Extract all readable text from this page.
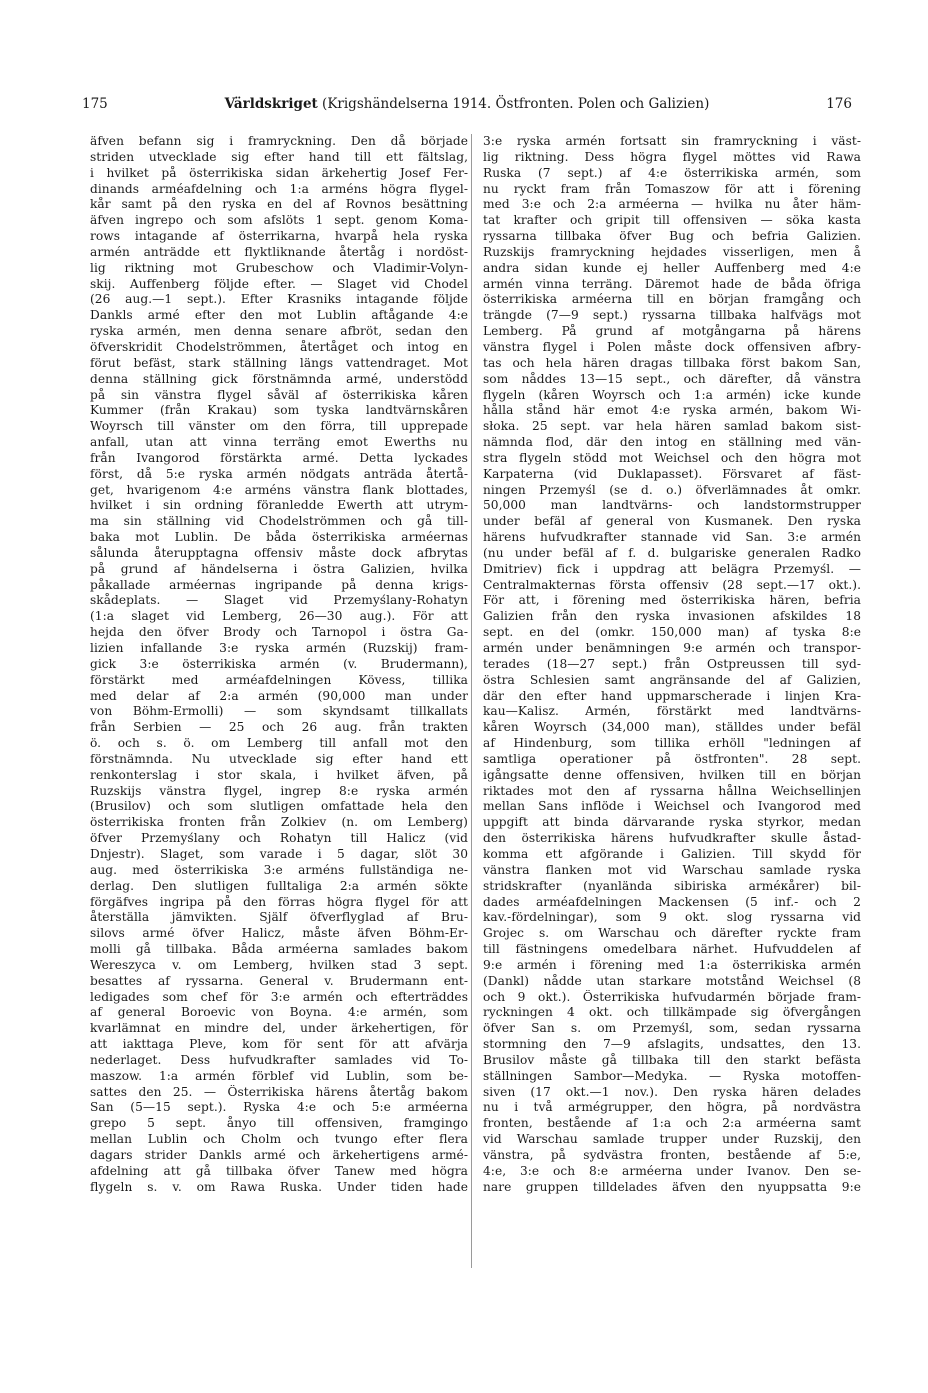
175	Världskriget (Krigshändelserna 1914. Östfronten. Polen och Galizien)	176
äfven befann sig i framryckning. Den då började
striden utvecklade sig efter hand till ett fältslag,
i hvilket på österrikiska sidan ärkehertig Josef Fer-
dinands arméafdelning och 1:a arméns högra flygel-
kår samt på den ryska en del af Rovnos besättning
äfven ingrepo och som afslöts 1 sept. genom Koma-
rows intagande af österrikarna, hvarpå hela ryska
armén anträdde ett flyktliknande återtåg i nordöst-
lig riktning mot Grubeschow och Vladimir-Volyn-
skij. Auffenberg följde efter. — Slaget vid Chodel
(26 aug.—1 sept.). Efter Krasniks intagande följde
Dankls armé efter den mot Lublin aftågande 4:e
ryska armén, men denna senare afbröt, sedan den
öfverskridit Chodelströmmen, återtåget och intog en
förut befäst, stark ställning längs vattendraget. Mot
denna ställning gick förstnämnda armé, understödd
på sin vänstra flygel såväl af österrikiska kåren
Kummer (från Krakau) som tyska landtvärnskåren
Woyrsch till vänster om den förra, till upprepade
anfall, utan att vinna terräng emot Ewerths nu
från Ivangorod förstärkta armé. Detta lyckades
först, då 5:e ryska armén nödgats anträda återtå-
get, hvarigenom 4:e arméns vänstra flank blottades,
hvilket i sin ordning föranledde Ewerth att utrym-
ma sin ställning vid Chodelströmmen och gå till-
baka mot Lublin. De båda österrikiska arméernas
sålunda återupptagna offensiv måste dock afbrytas
på grund af händelserna i östra Galizien, hvilka
påkallade arméernas ingripande på denna krigs-
skådeplats. — Slaget vid Przemyślany-Rohatyn
(1:a slaget vid Lemberg, 26—30 aug.). För att
hejda den öfver Brody och Tarnopol i östra Ga-
lizien infallande 3:e ryska armén (Ruzskij) fram-
gick 3:e österrikiska armén (v. Brudermann),
förstärkt med arméafdelningen Kövess, tillika
med delar af 2:a armén (90,000 man under
von Böhm-Ermolli) — som skyndsamt tillkallats
från Serbien — 25 och 26 aug. från trakten
ö. och s. ö. om Lemberg till anfall mot den
förstnämnda. Nu utvecklade sig efter hand ett
renkonterslag i stor skala, i hvilket äfven, på
Ruzskijs vänstra flygel, ingrep 8:e ryska armén
(Brusilov) och som slutligen omfattade hela den
österrikiska fronten från Zolkiev (n. om Lemberg)
öfver Przemyślany och Rohatyn till Halicz (vid
Dnjestr). Slaget, som varade i 5 dagar, slöt 30
aug. med österrikiska 3:e arméns fullständiga ne-
derlag. Den slutligen fulltaliga 2:a armén sökte
förgäfves ingripa på den förras högra flygel för att
återställa jämvikten. Själf öfverflyglad af Bru-
silovs armé öfver Halicz, måste äfven Böhm-Er-
molli gå tillbaka. Båda arméerna samlades bakom
Wereszyca v. om Lemberg, hvilken stad 3 sept.
besattes af ryssarna. General v. Brudermann ent-
ledigades som chef för 3:e armén och efterträddes
af general Boroevic von Boyna. 4:e armén, som
kvarlämnat en mindre del, under ärkehertigen, för
att iakttaga Pleve, kom för sent för att afvärja
nederlaget. Dess hufvudkrafter samlades vid To-
maszow. 1:a armén förblef vid Lublin, som be-
sattes den 25. — Österrikiska härens återtåg bakom
San (5—15 sept.). Ryska 4:e och 5:e arméerna
grepo 5 sept. ånyo till offensiven, framgingo
mellan Lublin och Cholm och tvungo efter flera
dagars strider Dankls armé och ärkehertigens armé-
afdelning att gå tillbaka öfver Tanew med högra
flygeln s. v. om Rawa Ruska. Under tiden hade
3:e ryska armén fortsatt sin framryckning i väst-
lig riktning. Dess högra flygel möttes vid Rawa
Ruska (7 sept.) af 4:e österrikiska armén, som
nu ryckt fram från Tomaszow för att i förening
med 3:e och 2:a arméerna — hvilka nu åter häm-
tat krafter och gripit till offensiven — söka kasta
ryssarna tillbaka öfver Bug och befria Galizien.
Ruzskijs framryckning hejdades visserligen, men å
andra sidan kunde ej heller Auffenberg med 4:e
armén vinna terräng. Däremot hade de båda öfriga
österrikiska arméerna till en början framgång och
trängde (7—9 sept.) ryssarna tillbaka halfvägs mot
Lemberg. På grund af motgångarna på härens
vänstra flygel i Polen måste dock offensiven afbry-
tas och hela hären dragas tillbaka först bakom San,
som nåddes 13—15 sept., och därefter, då vänstra
flygeln (kåren Woyrsch och 1:a armén) icke kunde
hålla stånd här emot 4:e ryska armén, bakom Wi-
słoka. 25 sept. var hela hären samlad bakom sist-
nämnda flod, där den intog en ställning med vän-
stra flygeln stödd mot Weichsel och den högra mot
Karpaterna (vid Duklapasset). Försvaret af fäst-
ningen Przemyśl (se d. o.) öfverlämnades åt omkr.
50,000 man landtvärns- och landstormstrupper
under befäl af general von Kusmanek. Den ryska
härens hufvudkrafter stannade vid San. 3:e armén
(nu under befäl af f. d. bulgariske generalen Radko
Dmitriev) fick i uppdrag att belägra Przemyśl. —
Centralmakternas första offensiv (28 sept.—17 okt.).
För att, i förening med österrikiska hären, befria
Galizien från den ryska invasionen afskildes 18
sept. en del (omkr. 150,000 man) af tyska 8:e
armén under benämningen 9:e armén och transpor-
terades (18—27 sept.) från Ostpreussen till syd-
östra Schlesien samt angränsande del af Galizien,
där den efter hand uppmarscherade i linjen Kra-
kau—Kalisz. Armén, förstärkt med landtvärns-
kåren Woyrsch (34,000 man), ställdes under befäl
af Hindenburg, som tillika erhöll "ledningen af
samtliga operationer på östfronten". 28 sept.
igångsatte denne offensiven, hvilken till en början
riktades mot den af ryssarna hållna Weichsellinjen
mellan Sans inflöde i Weichsel och Ivangorod med
uppgift att binda därvarande ryska styrkor, medan
den österrikiska härens hufvudkrafter skulle åstad-
komma ett afgörande i Galizien. Till skydd för
vänstra flanken mot vid Warschau samlade ryska
stridskrafter (nyanlända sibiriska arméкårer) bil-
dades arméafdelningen Mackensen (5 inf.- och 2
kav.-fördelningar), som 9 okt. slog ryssarna vid
Grojec s. om Warschau och därefter ryckte fram
till fästningens omedelbara närhet. Hufvuddelen af
9:e armén i förening med 1:a österrikiska armén
(Dankl) nådde utan starkare motstånd Weichsel (8
och 9 okt.). Österrikiska hufvudarmén började fram-
ryckningen 4 okt. och tillkämpade sig öfvergången
öfver San s. om Przemyśl, som, sedan ryssarna
stormning den 7—9 afslagits, undsattes, den 13.
Brusilov måste gå tillbaka till den starkt befästa
ställningen Sambor—Medyka. — Ryska motoffen-
siven (17 okt.—1 nov.). Den ryska hären delades
nu i två armégrupper, den högra, på nordvästra
fronten, bestående af 1:a och 2:a arméerna samt
vid Warschau samlade trupper under Ruzskij, den
vänstra, på sydvästra fronten, bestående af 5:e,
4:e, 3:e och 8:e arméerna under Ivanov. Den se-
nare gruppen tilldelades äfven den nyuppsatta 9:e
